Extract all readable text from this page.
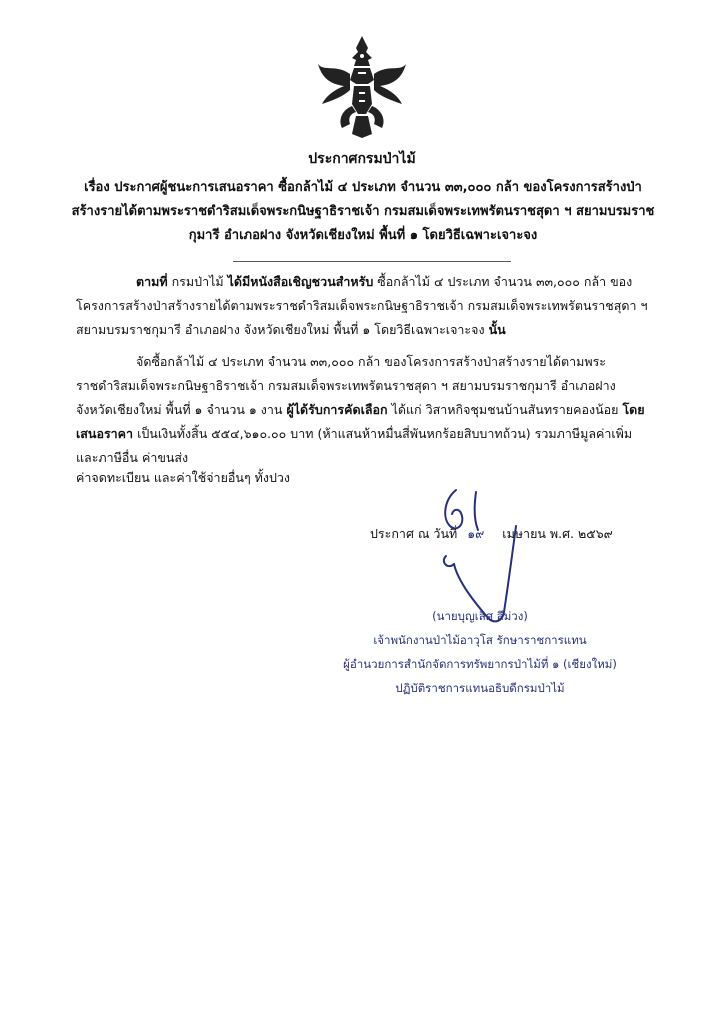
ประกาศกรมป่าไม้
เรื่อง ประกาศผู้ชนะการเสนอราคา ซื้อกล้าไม้ ๔ ประเภท จำนวน ๓๓,๐๐๐ กล้า ของโครงการสร้างป่าสร้างรายได้ตามพระราชดำริสมเด็จพระกนิษฐาธิราชเจ้า กรมสมเด็จพระเทพรัตนราชสุดา ฯ สยามบรมราชกุมารี อำเภอฝาง จังหวัดเชียงใหม่ พื้นที่ ๑ โดยวิธีเฉพาะเจาะจง
ตามที่ กรมป่าไม้ ได้มีหนังสือเชิญชวนสำหรับ ซื้อกล้าไม้ ๔ ประเภท จำนวน ๓๓,๐๐๐ กล้า ของโครงการสร้างป่าสร้างรายได้ตามพระราชดำริสมเด็จพระกนิษฐาธิราชเจ้า กรมสมเด็จพระเทพรัตนราชสุดา ฯ สยามบรมราชกุมารี อำเภอฝาง จังหวัดเชียงใหม่ พื้นที่ ๑ โดยวิธีเฉพาะเจาะจง นั้น
จัดซื้อกล้าไม้ ๔ ประเภท จำนวน ๓๓,๐๐๐ กล้า ของโครงการสร้างป่าสร้างรายได้ตามพระราชดำริสมเด็จพระกนิษฐาธิราชเจ้า กรมสมเด็จพระเทพรัตนราชสุดา ฯ สยามบรมราชกุมารี อำเภอฝาง จังหวัดเชียงใหม่ พื้นที่ ๑ จำนวน ๑ งาน ผู้ได้รับการคัดเลือก ได้แก่ วิสาหกิจชุมชนบ้านสันทรายคองน้อย โดยเสนอราคา เป็นเงินทั้งสิ้น ๕๕๔,๖๑๐.๐๐ บาท (ห้าแสนห้าหมื่นสี่พันหกร้อยสิบบาทถ้วน) รวมภาษีมูลค่าเพิ่มและภาษีอื่น ค่าขนส่ง
ค่าจดทะเบียน และค่าใช้จ่ายอื่นๆ ทั้งปวง
ประกาศ ณ วันที่ ๑๙ เมษายน พ.ศ. ๒๕๖๙
(นายบุญเลิศ ลีม่วง)
เจ้าพนักงานป่าไม้อาวุโส รักษาราชการแทน
ผู้อำนวยการสำนักจัดการทรัพยากรป่าไม้ที่ ๑ (เชียงใหม่)
ปฏิบัติราชการแทนอธิบดีกรมป่าไม้
